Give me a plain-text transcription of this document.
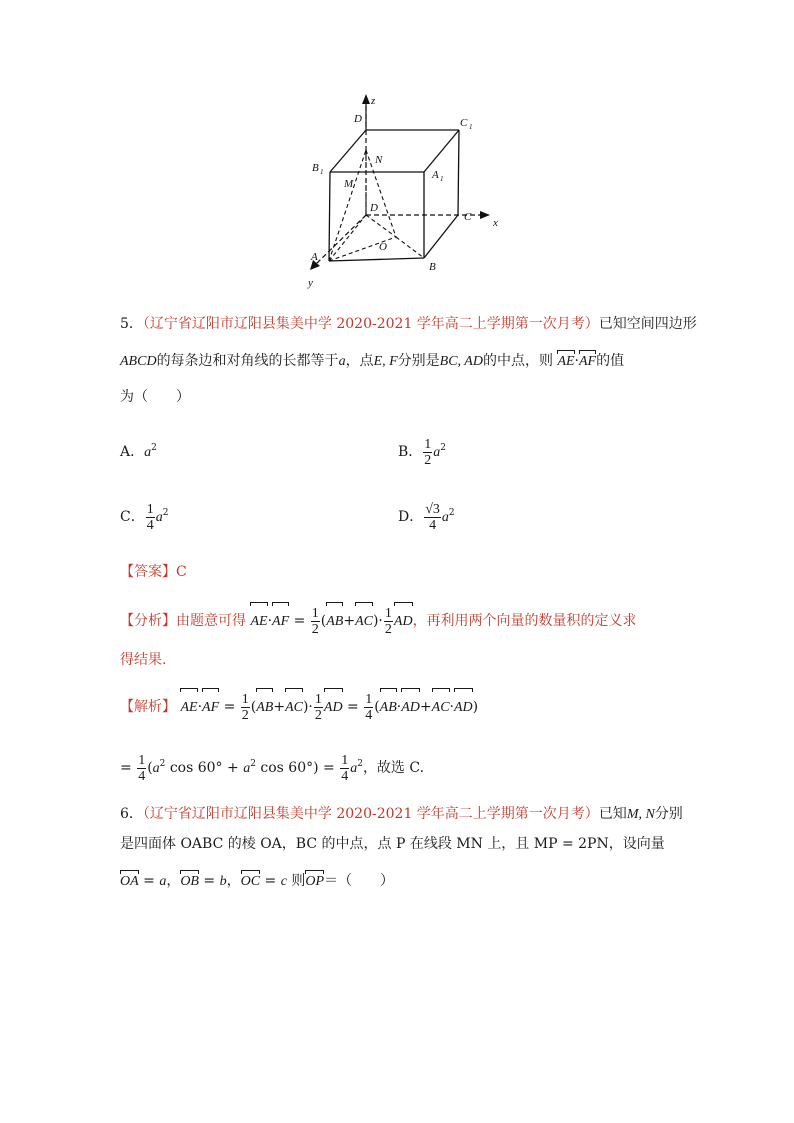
z
D	C 1
N
B 1	A 1
M
D
C x
O
A
B
y
5．（辽宁省辽阳市辽阳县集美中学 2020-2021 学年高二上学期第一次月考）已知空间四边形
ABCD的每条边和对角线的长都等于a，点E, F分别是BC, AD的中点，则 AE·AF的值
为（　　）
A．$a^2$	B． $\frac{1}{2} a^2$
C． $\frac{1}{4} a^2$	D． $\frac{√3}{4} a^2$
【答案】C
【分析】由题意可得 $AE\cdot AF = \frac{1}{2} (AB+AC)\cdot \frac{1}{2}$ AD，再利用两个向量的数量积的定义求
得结果.
【解析】 $AE\cdot AF = \frac{1}{2} (AB+AC)\cdot \frac{1}{2}$ AD = $\frac{1}{4} (AB\cdot AD+AC\cdot AD)$
= $\frac{1}{4} (a^2$ $\cos 60^\circ + a^2$ $\cos 60^\circ) = \frac{1}{4} a^2$，故选 C.
6．（辽宁省辽阳市辽阳县集美中学 2020-2021 学年高二上学期第一次月考）已知M, N分别
是四面体 OABC 的棱 OA，BC 的中点，点 P 在线段 MN 上，且 MP = 2PN，设向量
OA = a，OB = b，OC = c 则OP＝（　　）
